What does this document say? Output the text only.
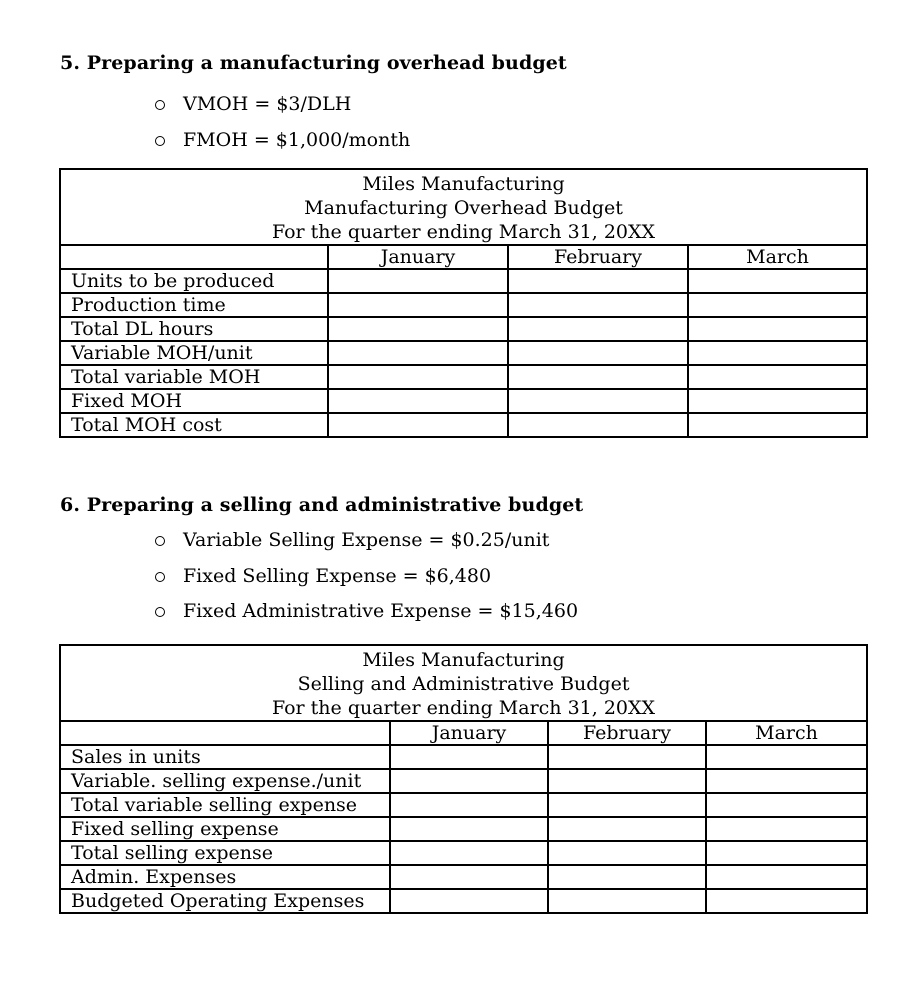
5. Preparing a manufacturing overhead budget
VMOH = $3/DLH
FMOH = $1,000/month
Miles Manufacturing
Manufacturing Overhead Budget
For the quarter ending March 31, 20XX			

	January	February	March
Units to be produced			
Production time			
Total DL hours			
Variable MOH/unit			
Total variable MOH			
Fixed MOH			
Total MOH cost			
6. Preparing a selling and administrative budget
Variable Selling Expense = $0.25/unit
Fixed Selling Expense = $6,480
Fixed Administrative Expense = $15,460
Miles Manufacturing
Selling and Administrative Budget
For the quarter ending March 31, 20XX			

	January	February	March
Sales in units			
Variable. selling expense./unit			
Total variable selling expense			
Fixed selling expense			
Total selling expense			
Admin. Expenses			
Budgeted Operating Expenses			
